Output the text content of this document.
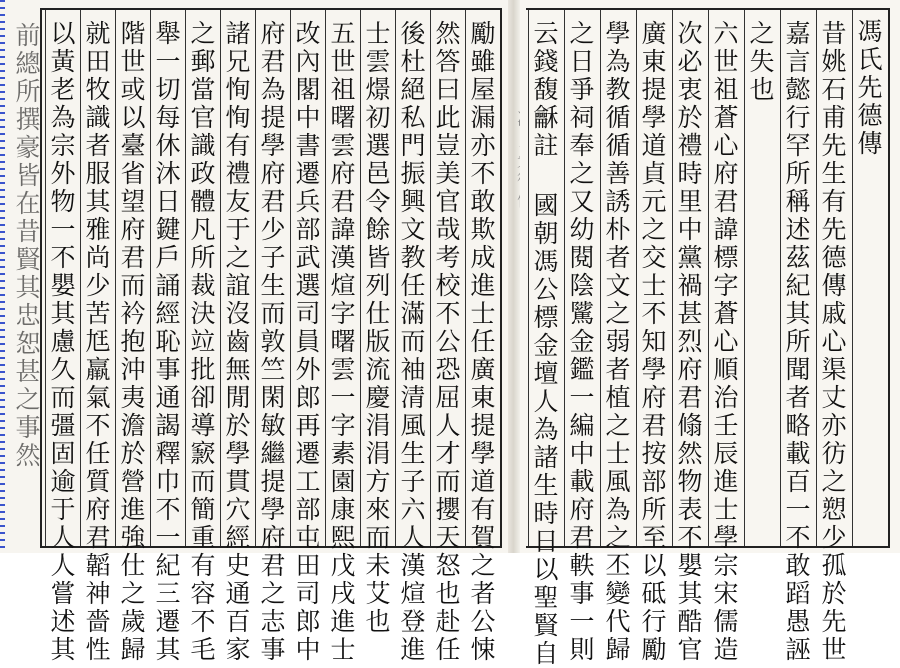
前總所撰豪皆在昔賢其忠恕甚之事然	勵雖屋漏亦不敢欺成進士任廣東提學道有賀之者公悚
然答曰此豈美官哉考校不公恐屈人才而攖天怒也赴任
後杜絕私門振興文教任滿而袖清風生子六人漢煊登進
士雲燝初選邑令餘皆列仕版流慶涓涓方來而未艾也
五世祖曙雲府君諱漢煊字曙雲一字素園康熙戊戌進士
改內閣中書遷兵部武選司員外郎再遷工部屯田司郎中
府君為提學府君少子生而敦竺閑敏繼提學府君之志事
諸兄恂恂有禮友于之誼沒齒無閒於學貫穴經史通百家
之郵當官識政體凡所裁決竝批卻導窾而簡重有容不毛
舉一切每休沐日鍵戶誦經恥事通謁釋巾不一紀三遷其
階世或以臺省望府君而衿抱沖夷澹於營進強仕之歲歸
就田牧識者服其雅尚少苦尪羸氣不任質府君韜神嗇性
以黃老為宗外物一不嬰其慮久而彊固逾于人人嘗述其	馮氏先德傳
昔姚石甫先生有先德傳戚心渠丈亦彷之愬少孤於先世
嘉言懿行罕所稱述茲紀其所聞者略載百一不敢蹈愚誣
之失也
六世祖蒼心府君諱標字蒼心順治壬辰進士學宗宋儒造
次必衷於禮時里中黨禍甚烈府君翛然物表不嬰其酷官
廣東提學道貞元之交士不知學府君按部所至以砥行勵
學為教循循善誘朴者文之弱者植之士風為之丕變代歸
之日爭祠奉之又幼閱陰騭金鑑一編中載府君軼事一則
云錢馥龢註 國朝馮公標金壇人為諸生時日以聖賢自
